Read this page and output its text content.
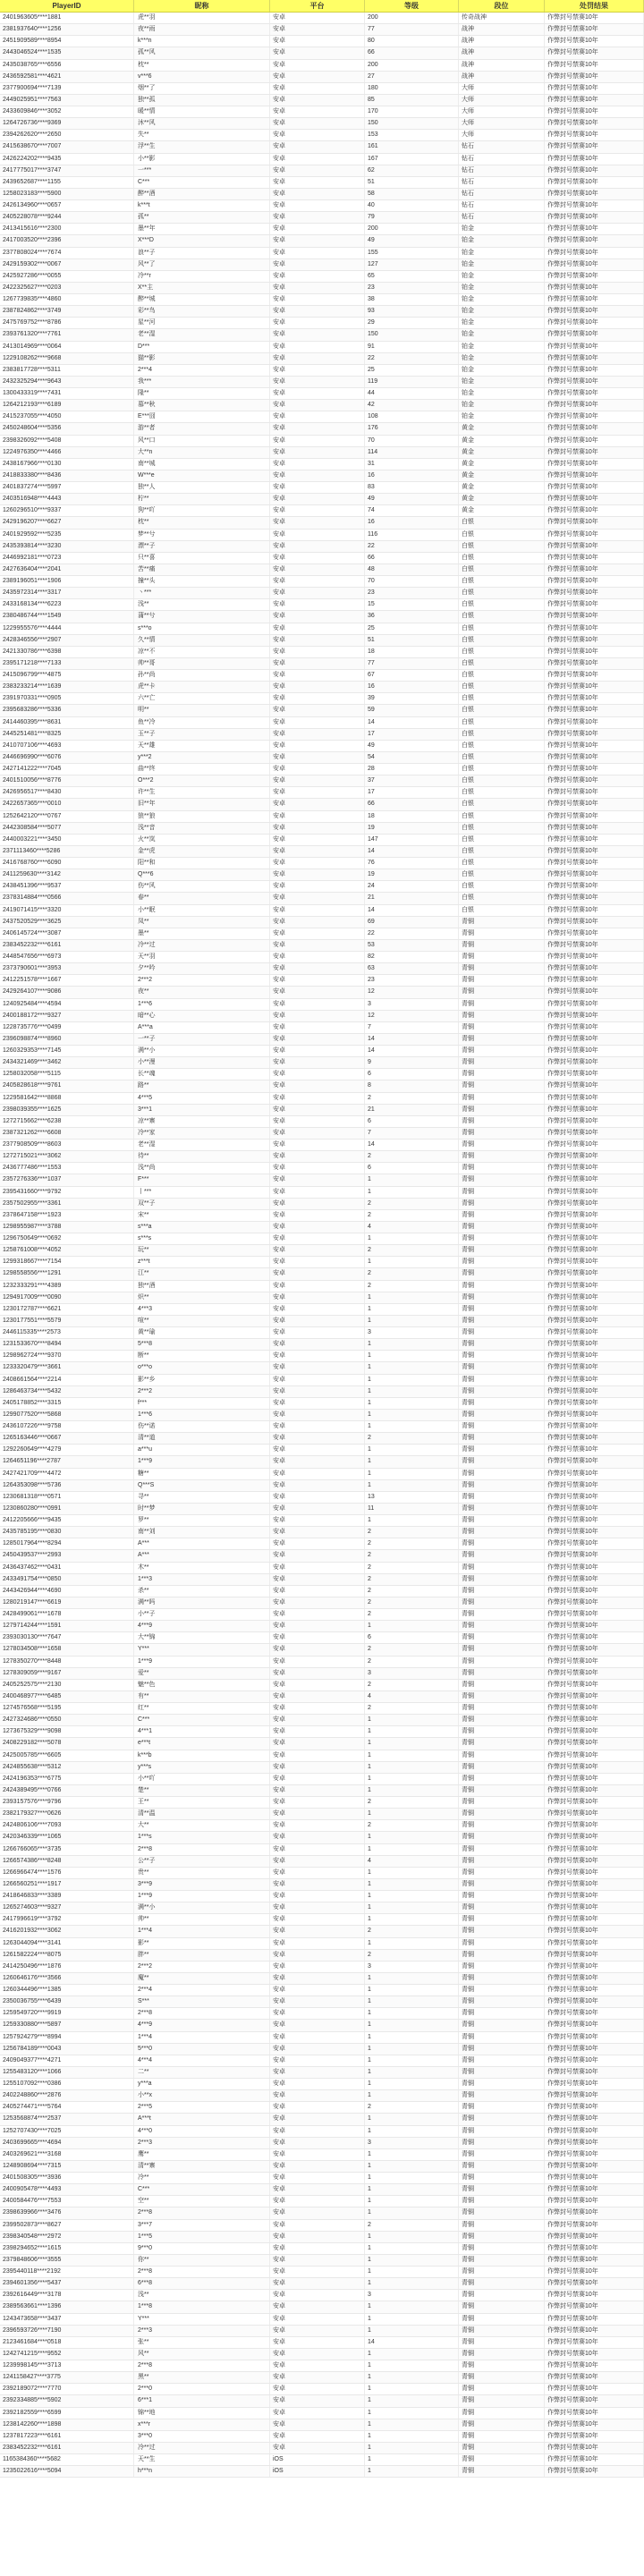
PlayerID	昵称	平台	等级	段位	处罚结果
2401963605****1881	虎**羽	安卓	200	传奇战神	作弊封号禁赛10年
2381937640****1256	夜**雨	安卓	77	战神	作弊封号禁赛10年
2451909589****8954	k***n	安卓	80	战神	作弊封号禁赛10年
2443046524****1535	孤**风	安卓	66	战神	作弊封号禁赛10年
2435038765****6556	枕**	安卓	200	战神	作弊封号禁赛10年
2436592581****4621	v***6	安卓	27	战神	作弊封号禁赛10年
2377900694****7139	烟**了	安卓	180	大师	作弊封号禁赛10年
2449025951****7563	独**孤	安卓	85	大师	作弊封号禁赛10年
2433609846****3052	暖**情	安卓	170	大师	作弊封号禁赛10年
1264726736****9369	沐**风	安卓	150	大师	作弊封号禁赛10年
2394262620****2650	失**	安卓	153	大师	作弊封号禁赛10年
2415638670****7007	浮**生	安卓	161	钻石	作弊封号禁赛10年
2426224202****9435	小**影	安卓	167	钻石	作弊封号禁赛10年
2417775017****3747	一***	安卓	62	钻石	作弊封号禁赛10年
2439652687****1155	C***	安卓	51	钻石	作弊封号禁赛10年
1258023183****5900	醉**酒	安卓	58	钻石	作弊封号禁赛10年
2426134960****0657	k***t	安卓	40	钻石	作弊封号禁赛10年
2405228078****9244	孤**	安卓	79	钻石	作弊封号禁赛10年
2413415616****2300	墨**年	安卓	200	铂金	作弊封号禁赛10年
2417003520****2396	X***D	安卓	49	铂金	作弊封号禁赛10年
2377808024****7674	浪**子	安卓	155	铂金	作弊封号禁赛10年
2429159302****0067	风**了	安卓	127	铂金	作弊封号禁赛10年
2425927286****0055	冷**r	安卓	65	铂金	作弊封号禁赛10年
2422325627****0203	X**主	安卓	23	铂金	作弊封号禁赛10年
1267739835****4860	醉**城	安卓	38	铂金	作弊封号禁赛10年
2387824862****3749	彩**鸟	安卓	93	铂金	作弊封号禁赛10年
2475769752****8786	星**河	安卓	29	铂金	作弊封号禁赛10年
2393761320****7761	老**湿	安卓	150	铂金	作弊封号禁赛10年
2413014969****0064	D***	安卓	91	铂金	作弊封号禁赛10年
1229108262****9668	猫**影	安卓	22	铂金	作弊封号禁赛10年
2383817728****5311	2***4	安卓	25	铂金	作弊封号禁赛10年
2432325294****9643	我***	安卓	119	铂金	作弊封号禁赛10年
1300433319****7431	隆**	安卓	44	铂金	作弊封号禁赛10年
1264212193****6189	慕**秋	安卓	42	铂金	作弊封号禁赛10年
2415237055****4050	E***囧	安卓	108	铂金	作弊封号禁赛10年
2450248604****5356	游**者	安卓	176	黄金	作弊封号禁赛10年
2398326092****5408	风**口	安卓	70	黄金	作弊封号禁赛10年
1224976350****4466	大**n	安卓	114	黄金	作弊封号禁赛10年
2438167966****0130	南**城	安卓	31	黄金	作弊封号禁赛10年
2418833380****8436	W***e	安卓	16	黄金	作弊封号禁赛10年
2401837274****5997	独**人	安卓	83	黄金	作弊封号禁赛10年
2403516948****4443	柠**	安卓	49	黄金	作弊封号禁赛10年
1260296510****9337	狗**吖	安卓	74	黄金	作弊封号禁赛10年
2429196207****6627	枕**	安卓	16	白银	作弊封号禁赛10年
2401929592****5235	梦**兮	安卓	116	白银	作弊封号禁赛10年
2435393814****3230	漂**子	安卓	22	白银	作弊封号禁赛10年
2446992181****0723	只**喜	安卓	66	白银	作弊封号禁赛10年
2427636404****2041	苦**痛	安卓	48	白银	作弊封号禁赛10年
2389196051****1906	撞**头	安卓	70	白银	作弊封号禁赛10年
2435972314****3317	丶***	安卓	23	白银	作弊封号禁赛10年
2433168134****6223	浅**	安卓	15	白银	作弊封号禁赛10年
2380486744****1549	蒲**兮	安卓	36	白银	作弊封号禁赛10年
1229955576****4444	s***o	安卓	25	白银	作弊封号禁赛10年
2428346556****2907	久**情	安卓	51	白银	作弊封号禁赛10年
2421330786****6398	凉**不	安卓	18	白银	作弊封号禁赛10年
2395171218****7133	帅**哥	安卓	77	白银	作弊封号禁赛10年
2415096799****4875	孙**尚	安卓	67	白银	作弊封号禁赛10年
2383233214****1639	虎**卡	安卓	16	白银	作弊封号禁赛10年
2391970331****0905	六**亡	安卓	39	白银	作弊封号禁赛10年
2395683286****5336	明**	安卓	59	白银	作弊封号禁赛10年
2414460395****8631	鱼**冷	安卓	14	白银	作弊封号禁赛10年
2445251481****8325	玉**子	安卓	17	白银	作弊封号禁赛10年
2410707106****4693	天**雄	安卓	49	白银	作弊封号禁赛10年
2446696990****6076	y***2	安卓	54	白银	作弊封号禁赛10年
2427141222****7045	曲**终	安卓	28	白银	作弊封号禁赛10年
2401510056****8776	O***2	安卓	37	白银	作弊封号禁赛10年
2426956517****8430	许**生	安卓	17	白银	作弊封号禁赛10年
2422657365****0010	旧**年	安卓	66	白银	作弊封号禁赛10年
1252642120****0767	狼**狼	安卓	18	白银	作弊封号禁赛10年
2442308584****5077	浅**音	安卓	19	白银	作弊封号禁赛10年
2440003221****3450	火**岚	安卓	147	白银	作弊封号禁赛10年
2371113460****5286	金**虎	安卓	14	白银	作弊封号禁赛10年
2416768760****6090	阳**和	安卓	76	白银	作弊封号禁赛10年
2411259630****3142	Q***6	安卓	19	白银	作弊封号禁赛10年
2438451396****9537	伤**风	安卓	24	白银	作弊封号禁赛10年
2378314884****0566	春**	安卓	21	白银	作弊封号禁赛10年
2419071415****3320	小**眠	安卓	14	白银	作弊封号禁赛10年
2437520529****3625	凤**	安卓	69	青铜	作弊封号禁赛10年
2406145724****3087	墨**	安卓	22	青铜	作弊封号禁赛10年
2383452232****6161	冷**过	安卓	53	青铜	作弊封号禁赛10年
2448547656****6973	天**羽	安卓	82	青铜	作弊封号禁赛10年
2373790601****3953	夕**吟	安卓	63	青铜	作弊封号禁赛10年
2412251578****1667	2***2	安卓	23	青铜	作弊封号禁赛10年
2429264107****9086	夜**	安卓	12	青铜	作弊封号禁赛10年
1240925484****4594	1***6	安卓	3	青铜	作弊封号禁赛10年
2400188172****9327	暗**心	安卓	12	青铜	作弊封号禁赛10年
1228735776****0499	A***a	安卓	7	青铜	作弊封号禁赛10年
2396098874****8960	一**子	安卓	14	青铜	作弊封号禁赛10年
1260329353****7145	满**小	安卓	14	青铜	作弊封号禁赛10年
2434321469****3462	小**漫	安卓	9	青铜	作弊封号禁赛10年
1258032058****5115	长**魂	安卓	6	青铜	作弊封号禁赛10年
2405828618****9761	路**	安卓	8	青铜	作弊封号禁赛10年
1229581642****8868	4***5	安卓	2	青铜	作弊封号禁赛10年
2398039355****1625	3***1	安卓	21	青铜	作弊封号禁赛10年
1272715662****6238	凉**寨	安卓	6	青铜	作弊封号禁赛10年
2387321262****6608	冷**家	安卓	7	青铜	作弊封号禁赛10年
2377908509****8603	老**湿	安卓	14	青铜	作弊封号禁赛10年
1272715021****3062	待**	安卓	2	青铜	作弊封号禁赛10年
2436777486****1553	浅**尚	安卓	6	青铜	作弊封号禁赛10年
2357276336****1037	F***	安卓	1	青铜	作弊封号禁赛10年
2395431660****9792	丨***	安卓	1	青铜	作弊封号禁赛10年
2357502955****3361	双**子	安卓	2	青铜	作弊封号禁赛10年
2378647158****1923	宋**	安卓	2	青铜	作弊封号禁赛10年
1298955987****3788	s***a	安卓	4	青铜	作弊封号禁赛10年
1296750649****0692	s***s	安卓	1	青铜	作弊封号禁赛10年
1258761008****4052	玩**	安卓	2	青铜	作弊封号禁赛10年
1299318667****7154	z***t	安卓	1	青铜	作弊封号禁赛10年
1298558556****1291	江**	安卓	2	青铜	作弊封号禁赛10年
1232333291****4389	独**酒	安卓	2	青铜	作弊封号禁赛10年
1294917009****0090	炽**	安卓	1	青铜	作弊封号禁赛10年
1230172787****6621	4***3	安卓	1	青铜	作弊封号禁赛10年
1230177551****5579	喧**	安卓	1	青铜	作弊封号禁赛10年
2446115335****2573	黄**瑜	安卓	3	青铜	作弊封号禁赛10年
1231533670****8494	5***8	安卓	1	青铜	作弊封号禁赛10年
1298962724****9370	断**	安卓	1	青铜	作弊封号禁赛10年
1233320479****3661	o***o	安卓	1	青铜	作弊封号禁赛10年
2408661564****2214	影**乡	安卓	1	青铜	作弊封号禁赛10年
1286463734****5432	2***2	安卓	1	青铜	作弊封号禁赛10年
2405178852****3315	f***	安卓	1	青铜	作弊封号禁赛10年
1299077520****5868	1***6	安卓	1	青铜	作弊封号禁赛10年
2436107226****9758	伤**诺	安卓	1	青铜	作弊封号禁赛10年
1265163446****0667	清**道	安卓	2	青铜	作弊封号禁赛10年
1292260649****4279	a***u	安卓	1	青铜	作弊封号禁赛10年
1264651196****2787	1***9	安卓	1	青铜	作弊封号禁赛10年
2427421709****4472	糖**	安卓	1	青铜	作弊封号禁赛10年
1264353098****5736	Q***S	安卓	1	青铜	作弊封号禁赛10年
1230681318****0571	寻**	安卓	13	青铜	作弊封号禁赛10年
1230860280****0991	时**梦	安卓	11	青铜	作弊封号禁赛10年
2412205666****9435	罗**	安卓	1	青铜	作弊封号禁赛10年
2435785195****0830	南**刘	安卓	2	青铜	作弊封号禁赛10年
1285017964****8294	A***	安卓	2	青铜	作弊封号禁赛10年
2450439537****2993	A***	安卓	2	青铜	作弊封号禁赛10年
2436437462****0431	木**	安卓	2	青铜	作弊封号禁赛10年
2433491754****0850	1***3	安卓	2	青铜	作弊封号禁赛10年
2443426944****4690	杀**	安卓	2	青铜	作弊封号禁赛10年
1280219147****6619	满**吗	安卓	2	青铜	作弊封号禁赛10年
2428499061****1678	小**子	安卓	2	青铜	作弊封号禁赛10年
1279714244****1591	4***9	安卓	1	青铜	作弊封号禁赛10年
2393030130****7647	大**锦	安卓	6	青铜	作弊封号禁赛10年
1278034508****1658	Y***	安卓	2	青铜	作弊封号禁赛10年
1278350270****8448	1***9	安卓	2	青铜	作弊封号禁赛10年
1278309059****9167	爱**	安卓	3	青铜	作弊封号禁赛10年
2405252575****2130	魅**色	安卓	2	青铜	作弊封号禁赛10年
2400468977****6485	有**	安卓	4	青铜	作弊封号禁赛10年
1274576568****5195	红**	安卓	2	青铜	作弊封号禁赛10年
2427324686****0550	C***	安卓	1	青铜	作弊封号禁赛10年
1273675329****9098	4***1	安卓	1	青铜	作弊封号禁赛10年
2408229182****5078	e***t	安卓	1	青铜	作弊封号禁赛10年
2425005785****6605	k***b	安卓	1	青铜	作弊封号禁赛10年
2424855638****5312	y***s	安卓	1	青铜	作弊封号禁赛10年
2424196353****6775	小**吖	安卓	1	青铜	作弊封号禁赛10年
2424389495****0766	楚**	安卓	1	青铜	作弊封号禁赛10年
2393157576****9796	王**	安卓	2	青铜	作弊封号禁赛10年
2382179327****0626	清**温	安卓	1	青铜	作弊封号禁赛10年
2424806106****7093	大**	安卓	2	青铜	作弊封号禁赛10年
2420346339****1065	1***s	安卓	1	青铜	作弊封号禁赛10年
1266766065****3735	2***8	安卓	1	青铜	作弊封号禁赛10年
1266574386****8248	公**子	安卓	4	青铜	作弊封号禁赛10年
1266966474****1576	贵**	安卓	1	青铜	作弊封号禁赛10年
1266560251****1917	3***9	安卓	1	青铜	作弊封号禁赛10年
2418646833****3389	1***9	安卓	1	青铜	作弊封号禁赛10年
1265274603****9327	满**小	安卓	1	青铜	作弊封号禁赛10年
2417996619****3792	帅**	安卓	1	青铜	作弊封号禁赛10年
2416201932****3062	1***4	安卓	2	青铜	作弊封号禁赛10年
1263044094****3141	影**	安卓	1	青铜	作弊封号禁赛10年
1261582224****8075	胖**	安卓	2	青铜	作弊封号禁赛10年
2414250496****1876	2***2	安卓	3	青铜	作弊封号禁赛10年
1260646176****3566	魔**	安卓	1	青铜	作弊封号禁赛10年
1260344496****1385	2***4	安卓	1	青铜	作弊封号禁赛10年
2350036755****6439	S***	安卓	1	青铜	作弊封号禁赛10年
1259549720****9919	2***8	安卓	1	青铜	作弊封号禁赛10年
1259330880****5897	4***9	安卓	1	青铜	作弊封号禁赛10年
1257924279****8994	1***4	安卓	1	青铜	作弊封号禁赛10年
1256784189****0043	5***0	安卓	1	青铜	作弊封号禁赛10年
2409049377****4271	4***4	安卓	1	青铜	作弊封号禁赛10年
1255483120****1066	二**	安卓	1	青铜	作弊封号禁赛10年
1255107092****0386	y***a	安卓	1	青铜	作弊封号禁赛10年
2402248860****2876	小**x	安卓	1	青铜	作弊封号禁赛10年
2405274471****5764	2***5	安卓	2	青铜	作弊封号禁赛10年
1253568874****2537	A***t	安卓	1	青铜	作弊封号禁赛10年
1252707430****7025	4***0	安卓	1	青铜	作弊封号禁赛10年
2403699665****4694	2***3	安卓	3	青铜	作弊封号禁赛10年
2403269621****3168	鹰**	安卓	1	青铜	作弊封号禁赛10年
1248908694****7315	清**寨	安卓	1	青铜	作弊封号禁赛10年
2401508305****3936	冷**	安卓	1	青铜	作弊封号禁赛10年
2400905478****4493	C***	安卓	1	青铜	作弊封号禁赛10年
2400584476****7553	空**	安卓	1	青铜	作弊封号禁赛10年
2398639966****3476	2***8	安卓	1	青铜	作弊封号禁赛10年
2399502873****8627	3***7	安卓	2	青铜	作弊封号禁赛10年
2398340548****2972	1***5	安卓	1	青铜	作弊封号禁赛10年
2398294652****1615	9***0	安卓	1	青铜	作弊封号禁赛10年
2379848606****3555	你**	安卓	1	青铜	作弊封号禁赛10年
2395440118****2192	2***8	安卓	1	青铜	作弊封号禁赛10年
2394601356****5437	6***8	安卓	1	青铜	作弊封号禁赛10年
2392616449****3178	浅**	安卓	3	青铜	作弊封号禁赛10年
2389563661****1396	1***8	安卓	1	青铜	作弊封号禁赛10年
1243473658****3437	Y***	安卓	1	青铜	作弊封号禁赛10年
2396593726****7190	2***3	安卓	1	青铜	作弊封号禁赛10年
2123461684****0518	张**	安卓	14	青铜	作弊封号禁赛10年
1242741215****9552	风**	安卓	1	青铜	作弊封号禁赛10年
1239998145****3713	2***8	安卓	1	青铜	作弊封号禁赛10年
1241158427****3775	黑**	安卓	1	青铜	作弊封号禁赛10年
2392189072****7770	2***0	安卓	1	青铜	作弊封号禁赛10年
2392334885****5902	6***1	安卓	1	青铜	作弊封号禁赛10年
2392182559****6599	锦**地	安卓	1	青铜	作弊封号禁赛10年
1238142260****1898	x***r	安卓	1	青铜	作弊封号禁赛10年
1237817223****6161	3***0	安卓	1	青铜	作弊封号禁赛10年
2383452232****6161	冷**过	安卓	1	青铜	作弊封号禁赛10年
1165384360****5682	天**生	iOS	1	青铜	作弊封号禁赛10年
1235022616****5094	h***n	iOS	1	青铜	作弊封号禁赛10年
